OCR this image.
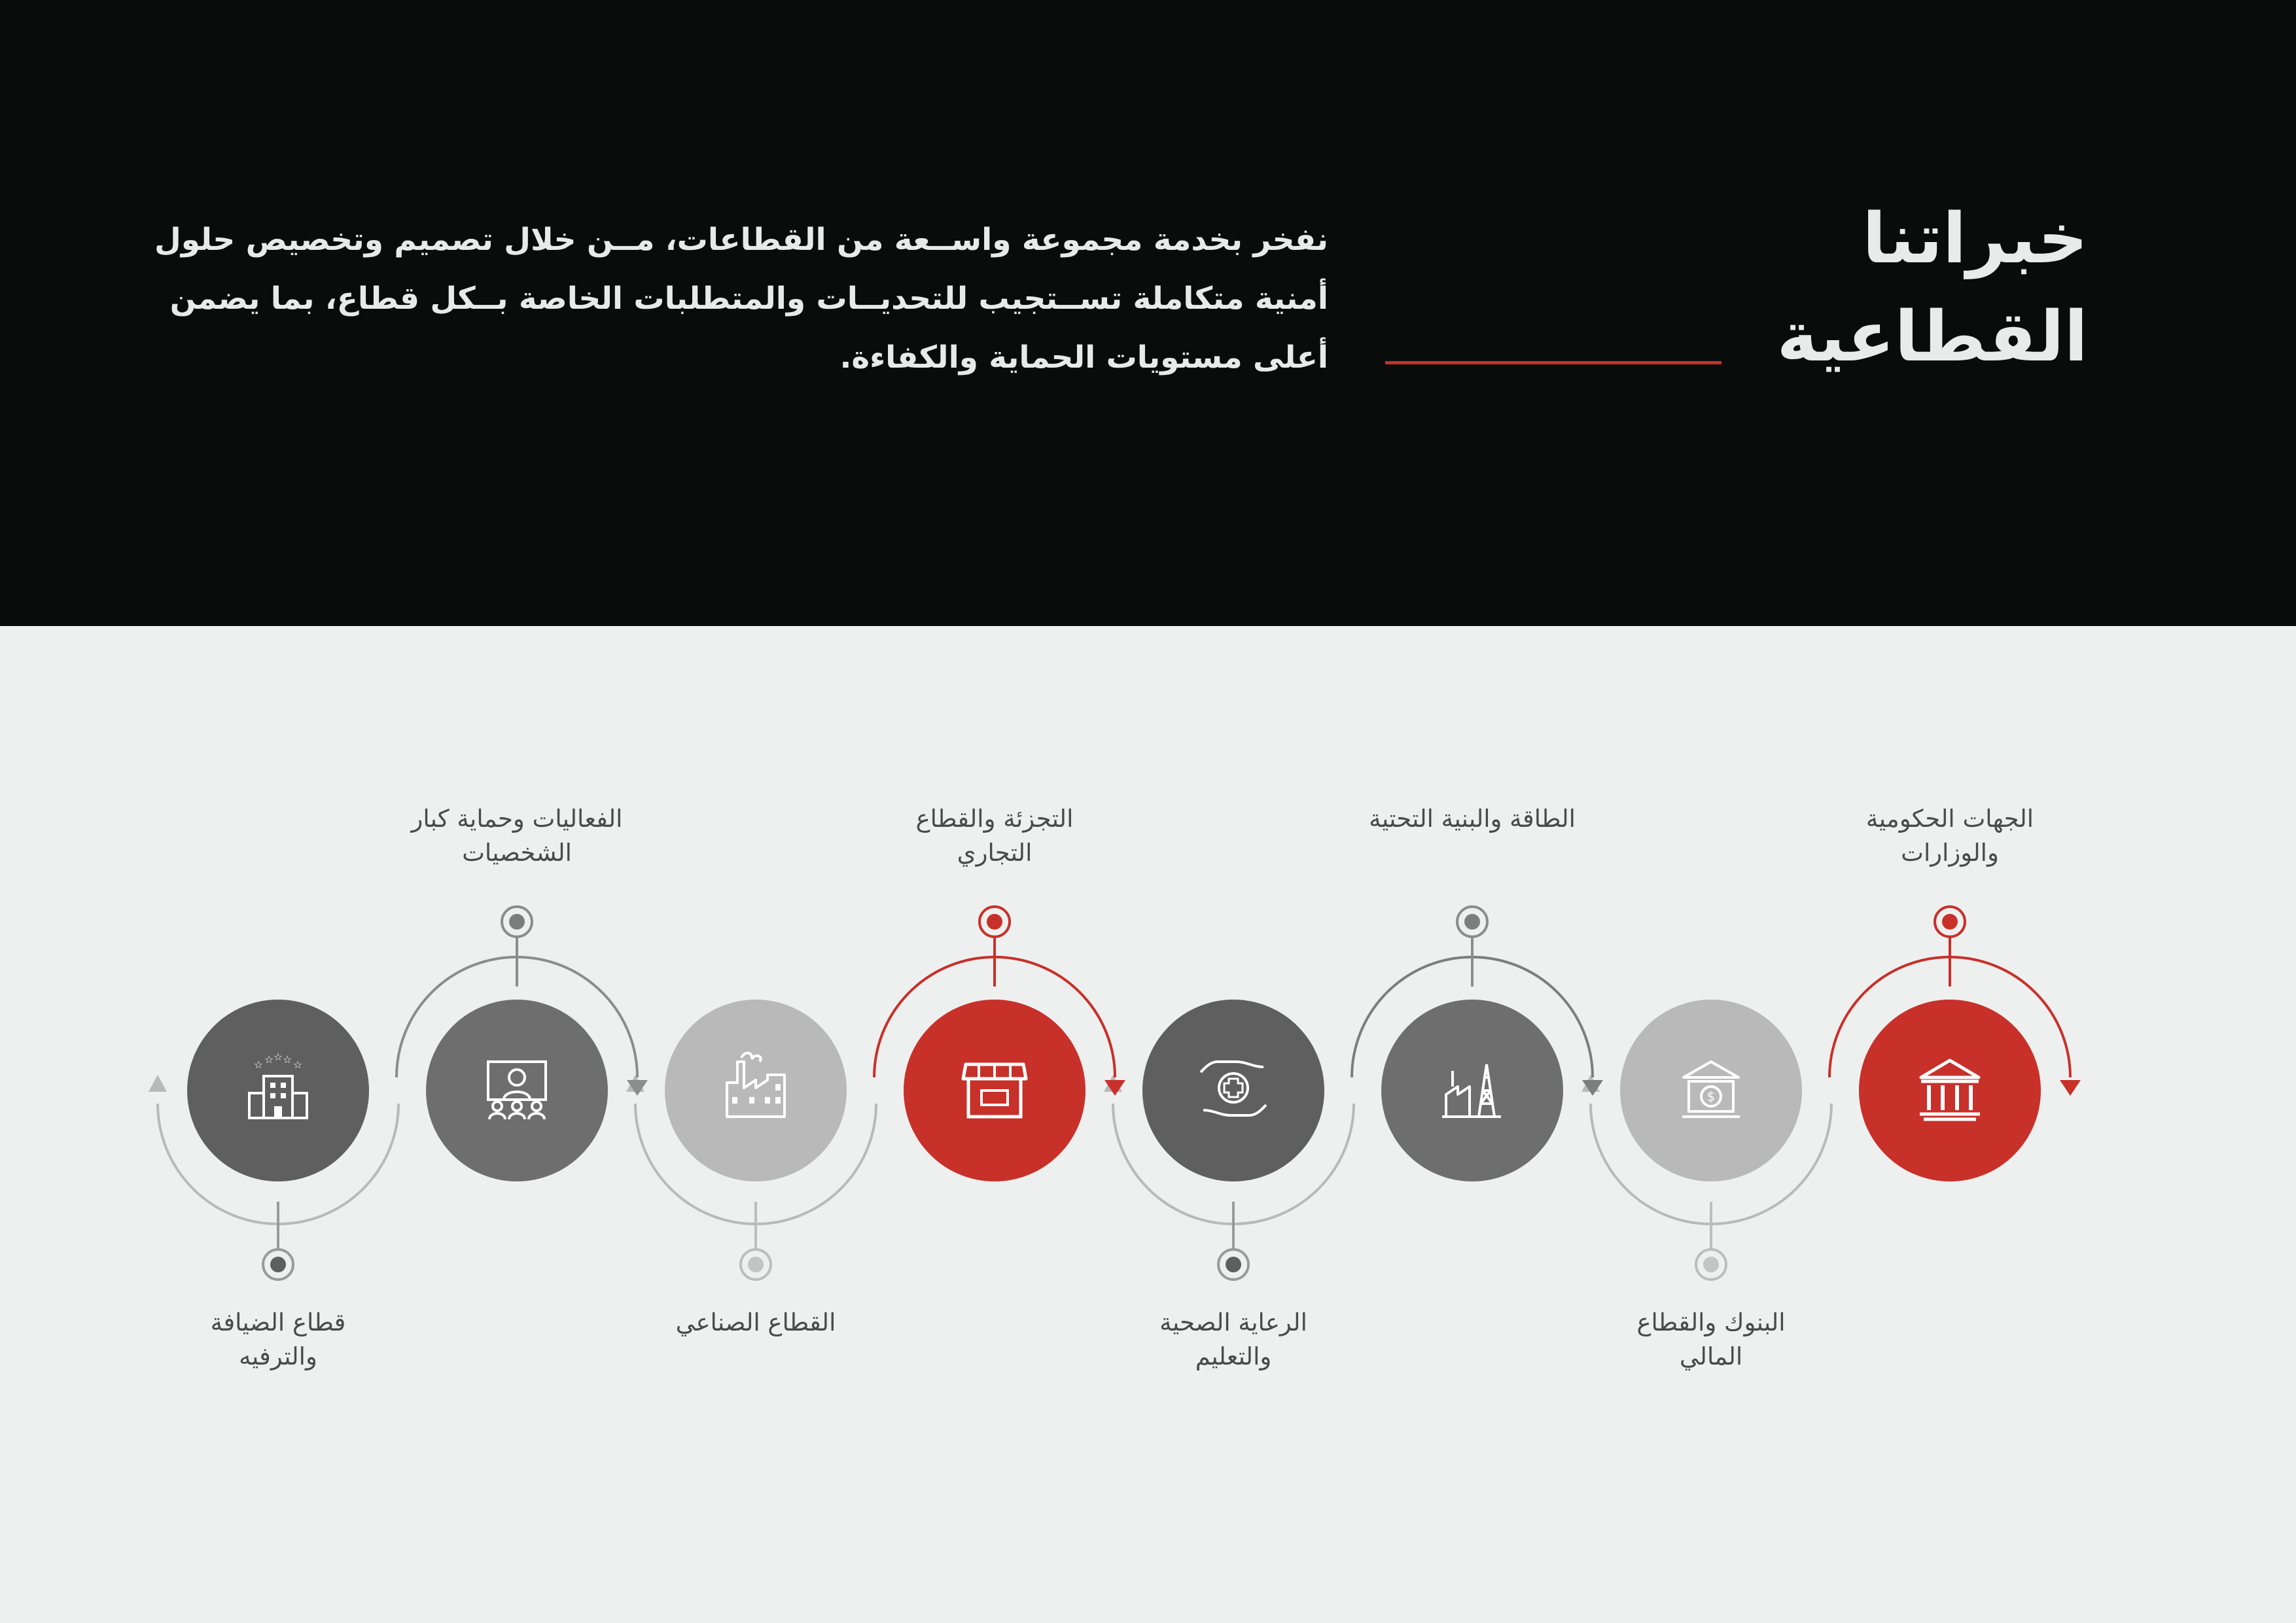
خبراتنا
القطاعية
نفخر بخدمة مجموعة واســعة من القطاعات، مــن خلال تصميم وتخصيص حلول
أمنية متكاملة تســتجيب للتحديــات والمتطلبات الخاصة بــكل قطاع، بما يضمن
أعلى مستويات الحماية والكفاءة.
$
☆ ☆ ☆ ☆ ☆
الجهات الحكومية
والوزارات
البنوك والقطاع
المالي
الطاقة والبنية التحتية
الرعاية الصحية
والتعليم
التجزئة والقطاع
التجاري
القطاع الصناعي
الفعاليات وحماية كبار
الشخصيات
قطاع الضيافة
والترفيه
